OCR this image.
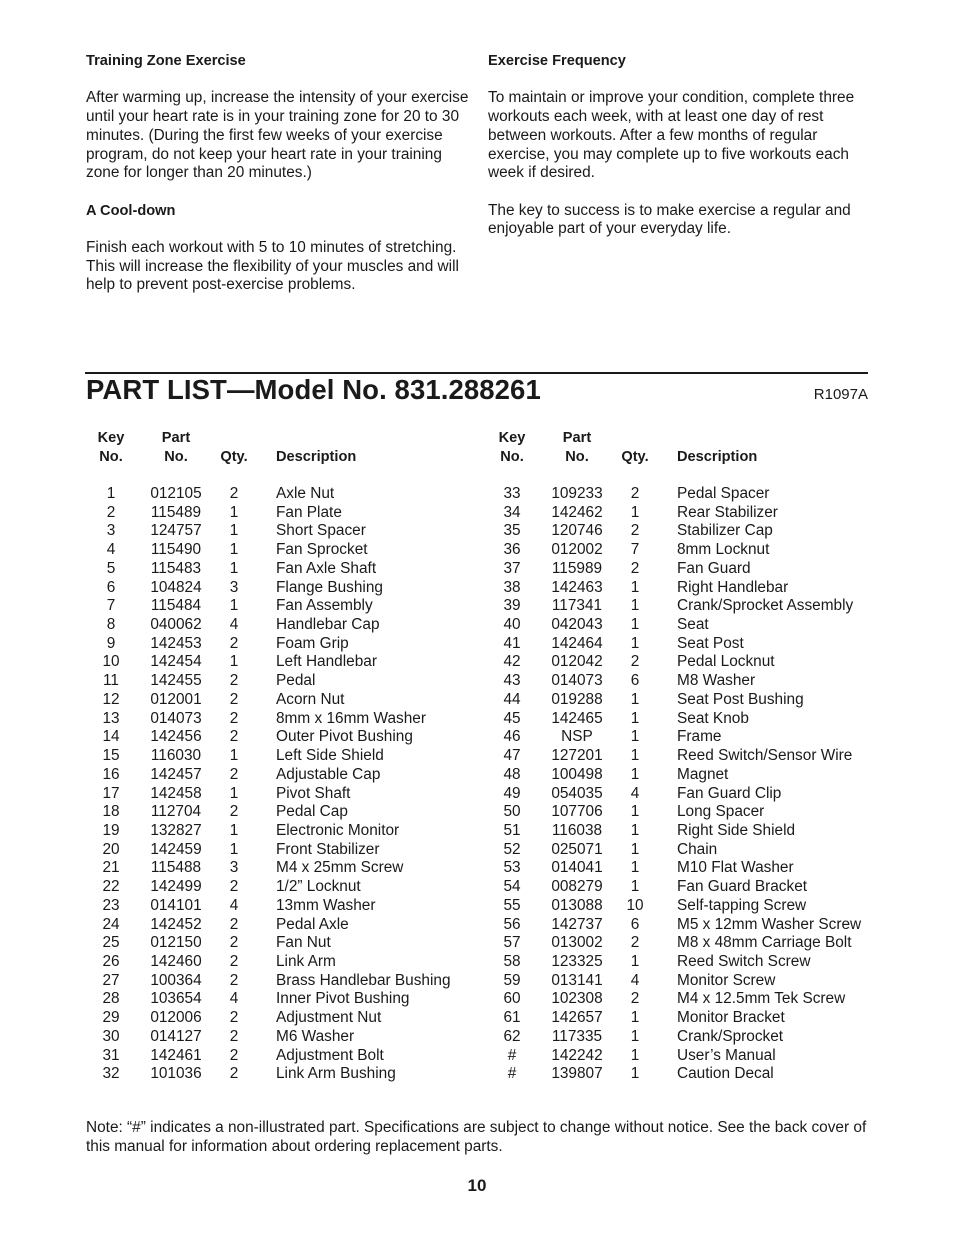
Training Zone Exercise

After warming up, increase the intensity of your exercise until your heart rate is in your training zone for 20 to 30 minutes. (During the first few weeks of your exercise program, do not keep your heart rate in your training zone for longer than 20 minutes.)

A Cool-down

Finish each workout with 5 to 10 minutes of stretching. This will increase the flexibility of your muscles and will help to prevent post-exercise problems.

Exercise Frequency

To maintain or improve your condition, complete three workouts each week, with at least one day of rest between workouts. After a few months of regular exercise, you may complete up to five workouts each week if desired.

The key to success is to make exercise a regular and enjoyable part of your everyday life.

PART LIST—Model No. 831.288261	R1097A
Key
No.
Part
No.	Qty.	Description
1	012105	2	Axle Nut
2	115489	1	Fan Plate
3	124757	1	Short Spacer
4	115490	1	Fan Sprocket
5	115483	1	Fan Axle Shaft
6	104824	3	Flange Bushing
7	115484	1	Fan Assembly
8	040062	4	Handlebar Cap
9	142453	2	Foam Grip
10	142454	1	Left Handlebar
11	142455	2	Pedal
12	012001	2	Acorn Nut
13	014073	2	8mm x 16mm Washer
14	142456	2	Outer Pivot Bushing
15	116030	1	Left Side Shield
16	142457	2	Adjustable Cap
17	142458	1	Pivot Shaft
18	112704	2	Pedal Cap
19	132827	1	Electronic Monitor
20	142459	1	Front Stabilizer
21	115488	3	M4 x 25mm Screw
22	142499	2	1/2” Locknut
23	014101	4	13mm Washer
24	142452	2	Pedal Axle
25	012150	2	Fan Nut
26	142460	2	Link Arm
27	100364	2	Brass Handlebar Bushing
28	103654	4	Inner Pivot Bushing
29	012006	2	Adjustment Nut
30	014127	2	M6 Washer
31	142461	2	Adjustment Bolt
32	101036	2	Link Arm Bushing
Key
No.
Part
No.	Qty.	Description
33	109233	2	Pedal Spacer
34	142462	1	Rear Stabilizer
35	120746	2	Stabilizer Cap
36	012002	7	8mm Locknut
37	115989	2	Fan Guard
38	142463	1	Right Handlebar
39	117341	1	Crank/Sprocket Assembly
40	042043	1	Seat
41	142464	1	Seat Post
42	012042	2	Pedal Locknut
43	014073	6	M8 Washer
44	019288	1	Seat Post Bushing
45	142465	1	Seat Knob
46	NSP	1	Frame
47	127201	1	Reed Switch/Sensor Wire
48	100498	1	Magnet
49	054035	4	Fan Guard Clip
50	107706	1	Long Spacer
51	116038	1	Right Side Shield
52	025071	1	Chain
53	014041	1	M10 Flat Washer
54	008279	1	Fan Guard Bracket
55	013088	10	Self-tapping Screw
56	142737	6	M5 x 12mm Washer Screw
57	013002	2	M8 x 48mm Carriage Bolt
58	123325	1	Reed Switch Screw
59	013141	4	Monitor Screw
60	102308	2	M4 x 12.5mm Tek Screw
61	142657	1	Monitor Bracket
62	117335	1	Crank/Sprocket
#	142242	1	User’s Manual
#	139807	1	Caution Decal
Note: “#” indicates a non-illustrated part. Specifications are subject to change without notice. See the back cover of this manual for information about ordering replacement parts.
10
